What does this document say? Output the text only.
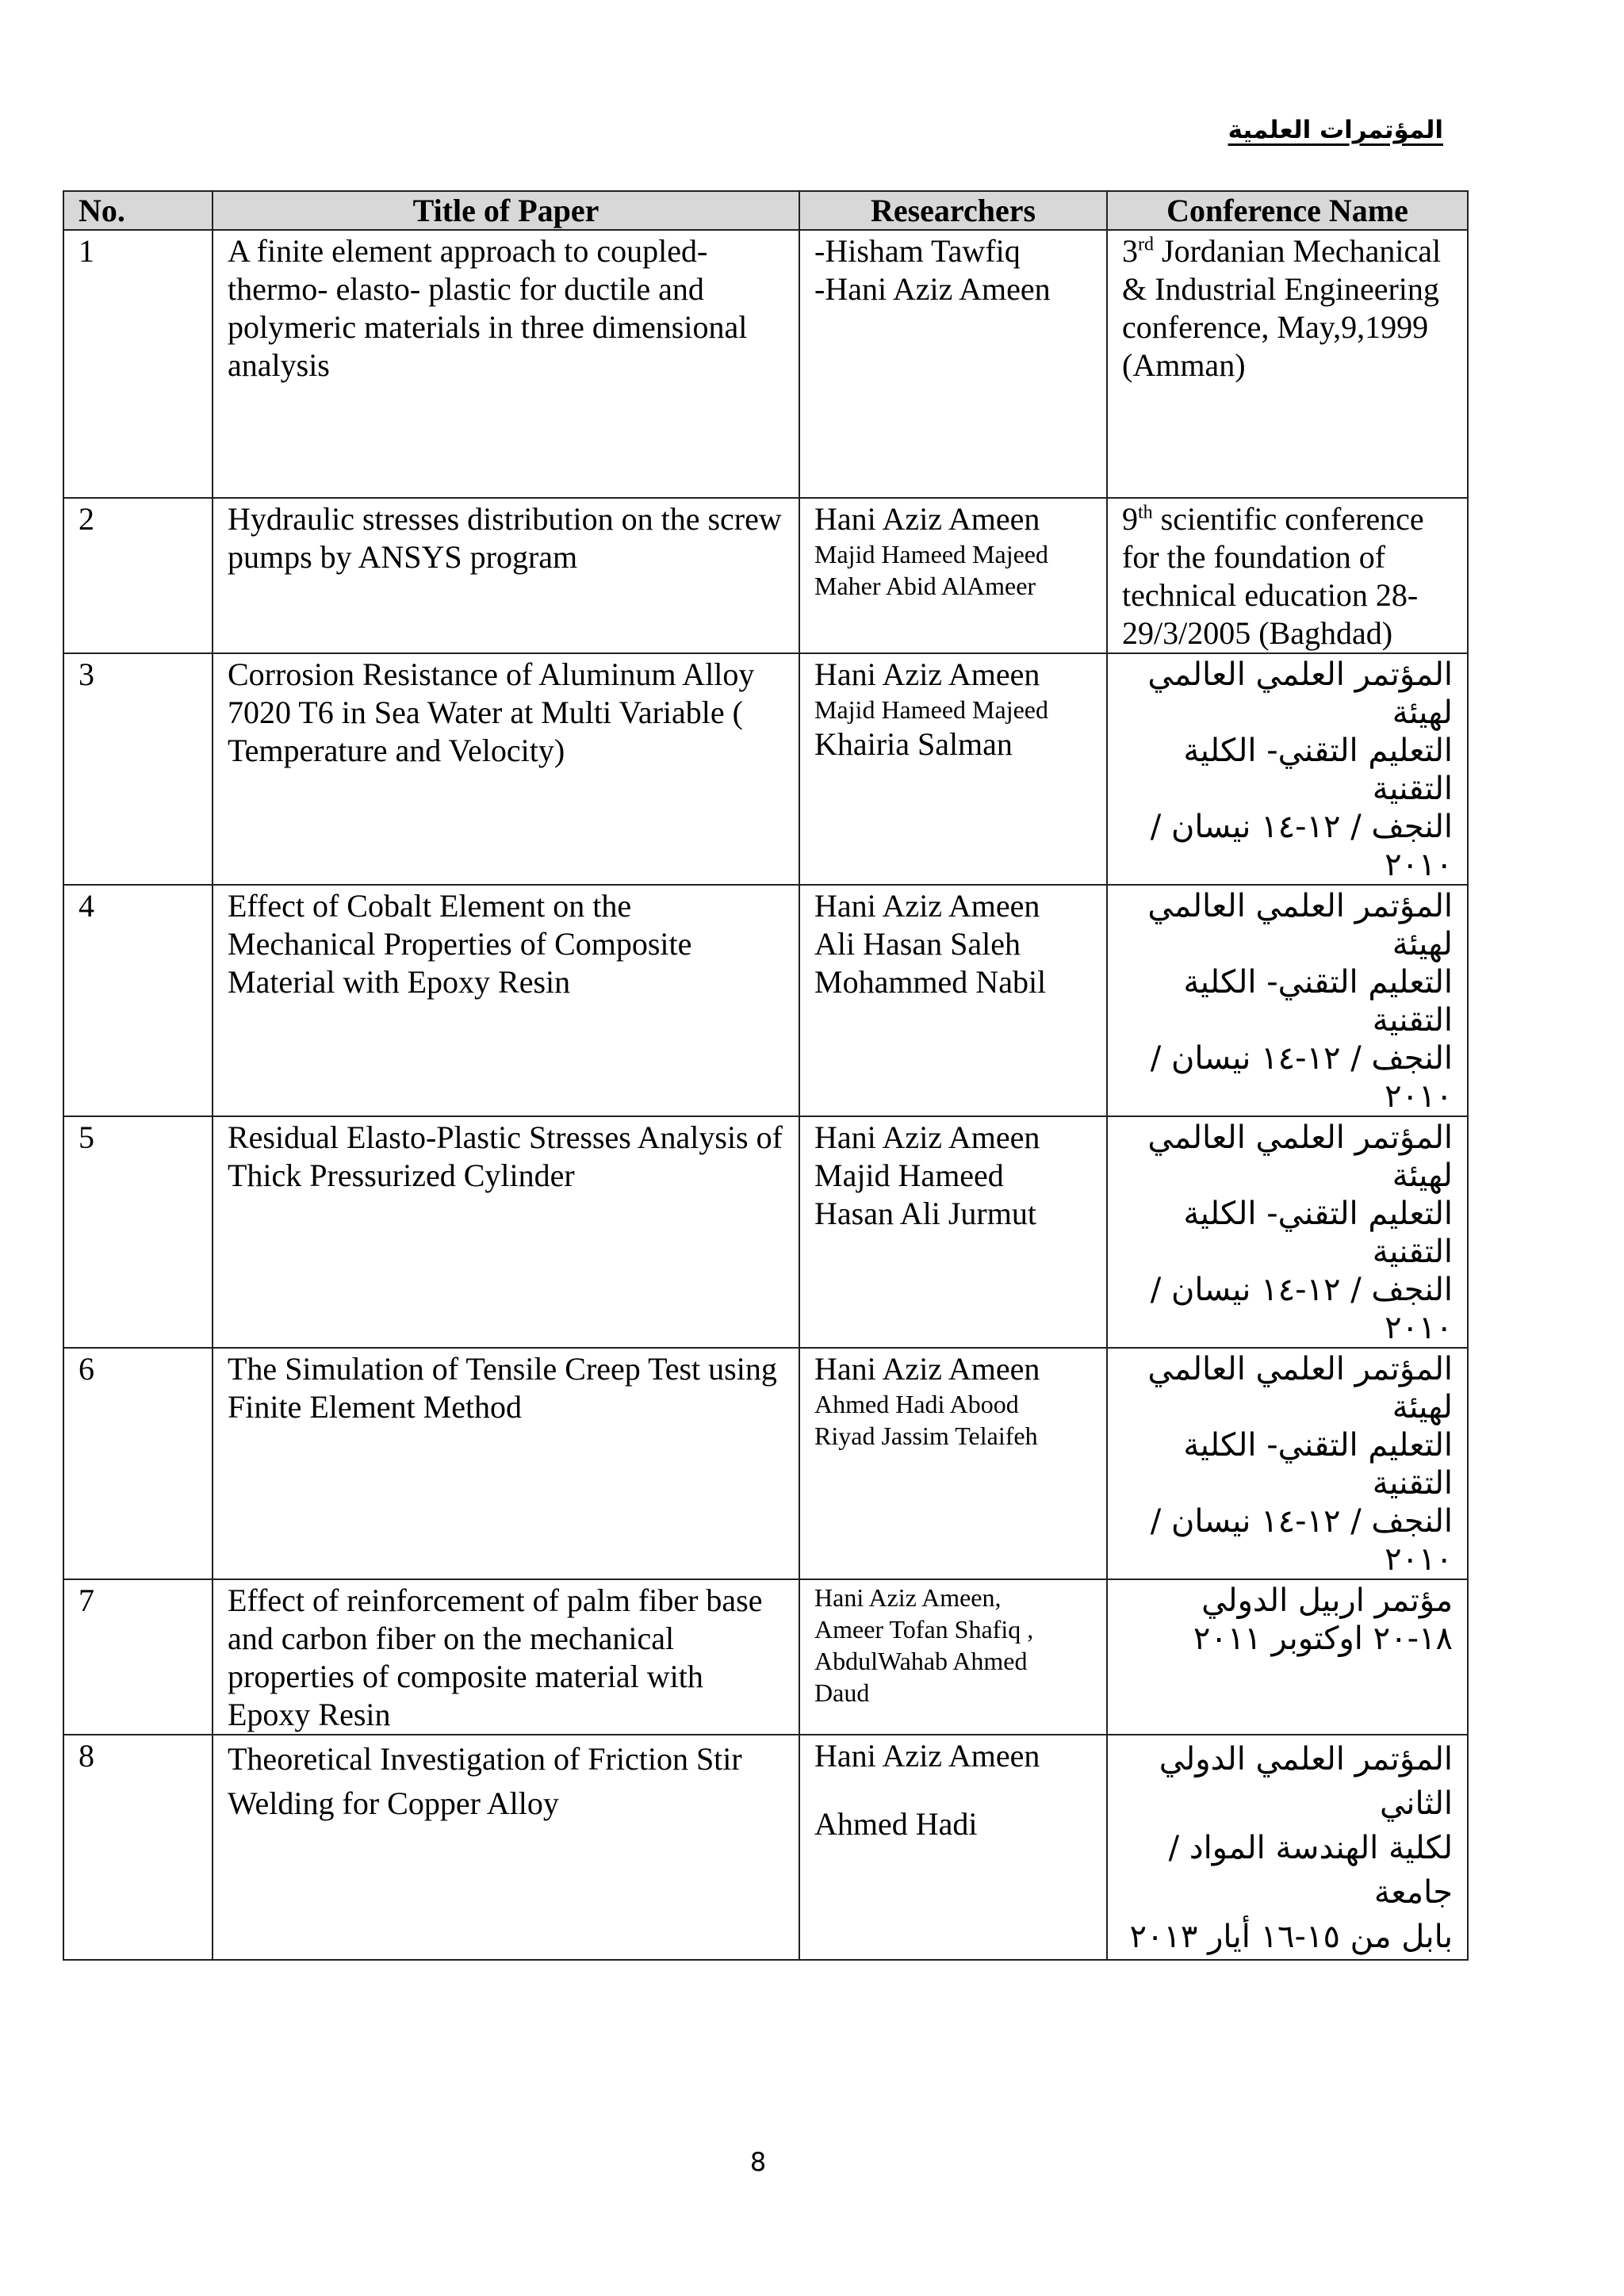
المؤتمرات العلمية
No.	Title of Paper	Researchers	Conference Name
1	A finite element approach to coupled-thermo- elasto- plastic for ductile and polymeric materials in three dimensional analysis	-Hisham Tawfiq
-Hani Aziz Ameen	3rd Jordanian Mechanical & Industrial Engineering conference, May,9,1999 (Amman)
2	Hydraulic stresses distribution on the screw pumps by ANSYS program	Hani Aziz Ameen
Majid Hameed Majeed
Maher Abid AlAmeer	9th scientific conference for the foundation of technical education 28-29/3/2005 (Baghdad)
3	Corrosion Resistance of Aluminum Alloy 7020 T6 in Sea Water at Multi Variable ( Temperature and Velocity)	Hani Aziz Ameen
Majid Hameed Majeed
Khairia Salman	المؤتمر العلمي العالمي لهيئة
التعليم التقني- الكلية التقنية
النجف / ١٢-١٤ نيسان /٢٠١٠

4	Effect of Cobalt Element on the Mechanical Properties of Composite Material with Epoxy Resin	Hani Aziz Ameen
Ali Hasan Saleh
Mohammed Nabil	المؤتمر العلمي العالمي لهيئة
التعليم التقني- الكلية التقنية
النجف / ١٢-١٤ نيسان /٢٠١٠

5	Residual Elasto-Plastic Stresses Analysis of Thick Pressurized Cylinder	Hani Aziz Ameen
Majid Hameed
Hasan Ali Jurmut	المؤتمر العلمي العالمي لهيئة
التعليم التقني- الكلية التقنية
النجف / ١٢-١٤ نيسان /٢٠١٠

6	The Simulation of Tensile Creep Test using Finite Element Method	Hani Aziz Ameen
Ahmed Hadi Abood
Riyad Jassim Telaifeh	المؤتمر العلمي العالمي لهيئة
التعليم التقني- الكلية التقنية
النجف / ١٢-١٤ نيسان /٢٠١٠

7	Effect of reinforcement of palm fiber base and carbon fiber on the mechanical properties of composite material with Epoxy Resin	Hani Aziz Ameen,
Ameer Tofan Shafiq ,
AbdulWahab Ahmed
Daud	مؤتمر اربيل الدولي
١٨-٢٠ اوكتوبر ٢٠١١

8	Theoretical Investigation of Friction Stir Welding for Copper Alloy	Hani Aziz Ameen
Ahmed Hadi	المؤتمر العلمي الدولي الثاني
لكلية الهندسة المواد / جامعة
بابل من ١٥-١٦ أيار ٢٠١٣
8
